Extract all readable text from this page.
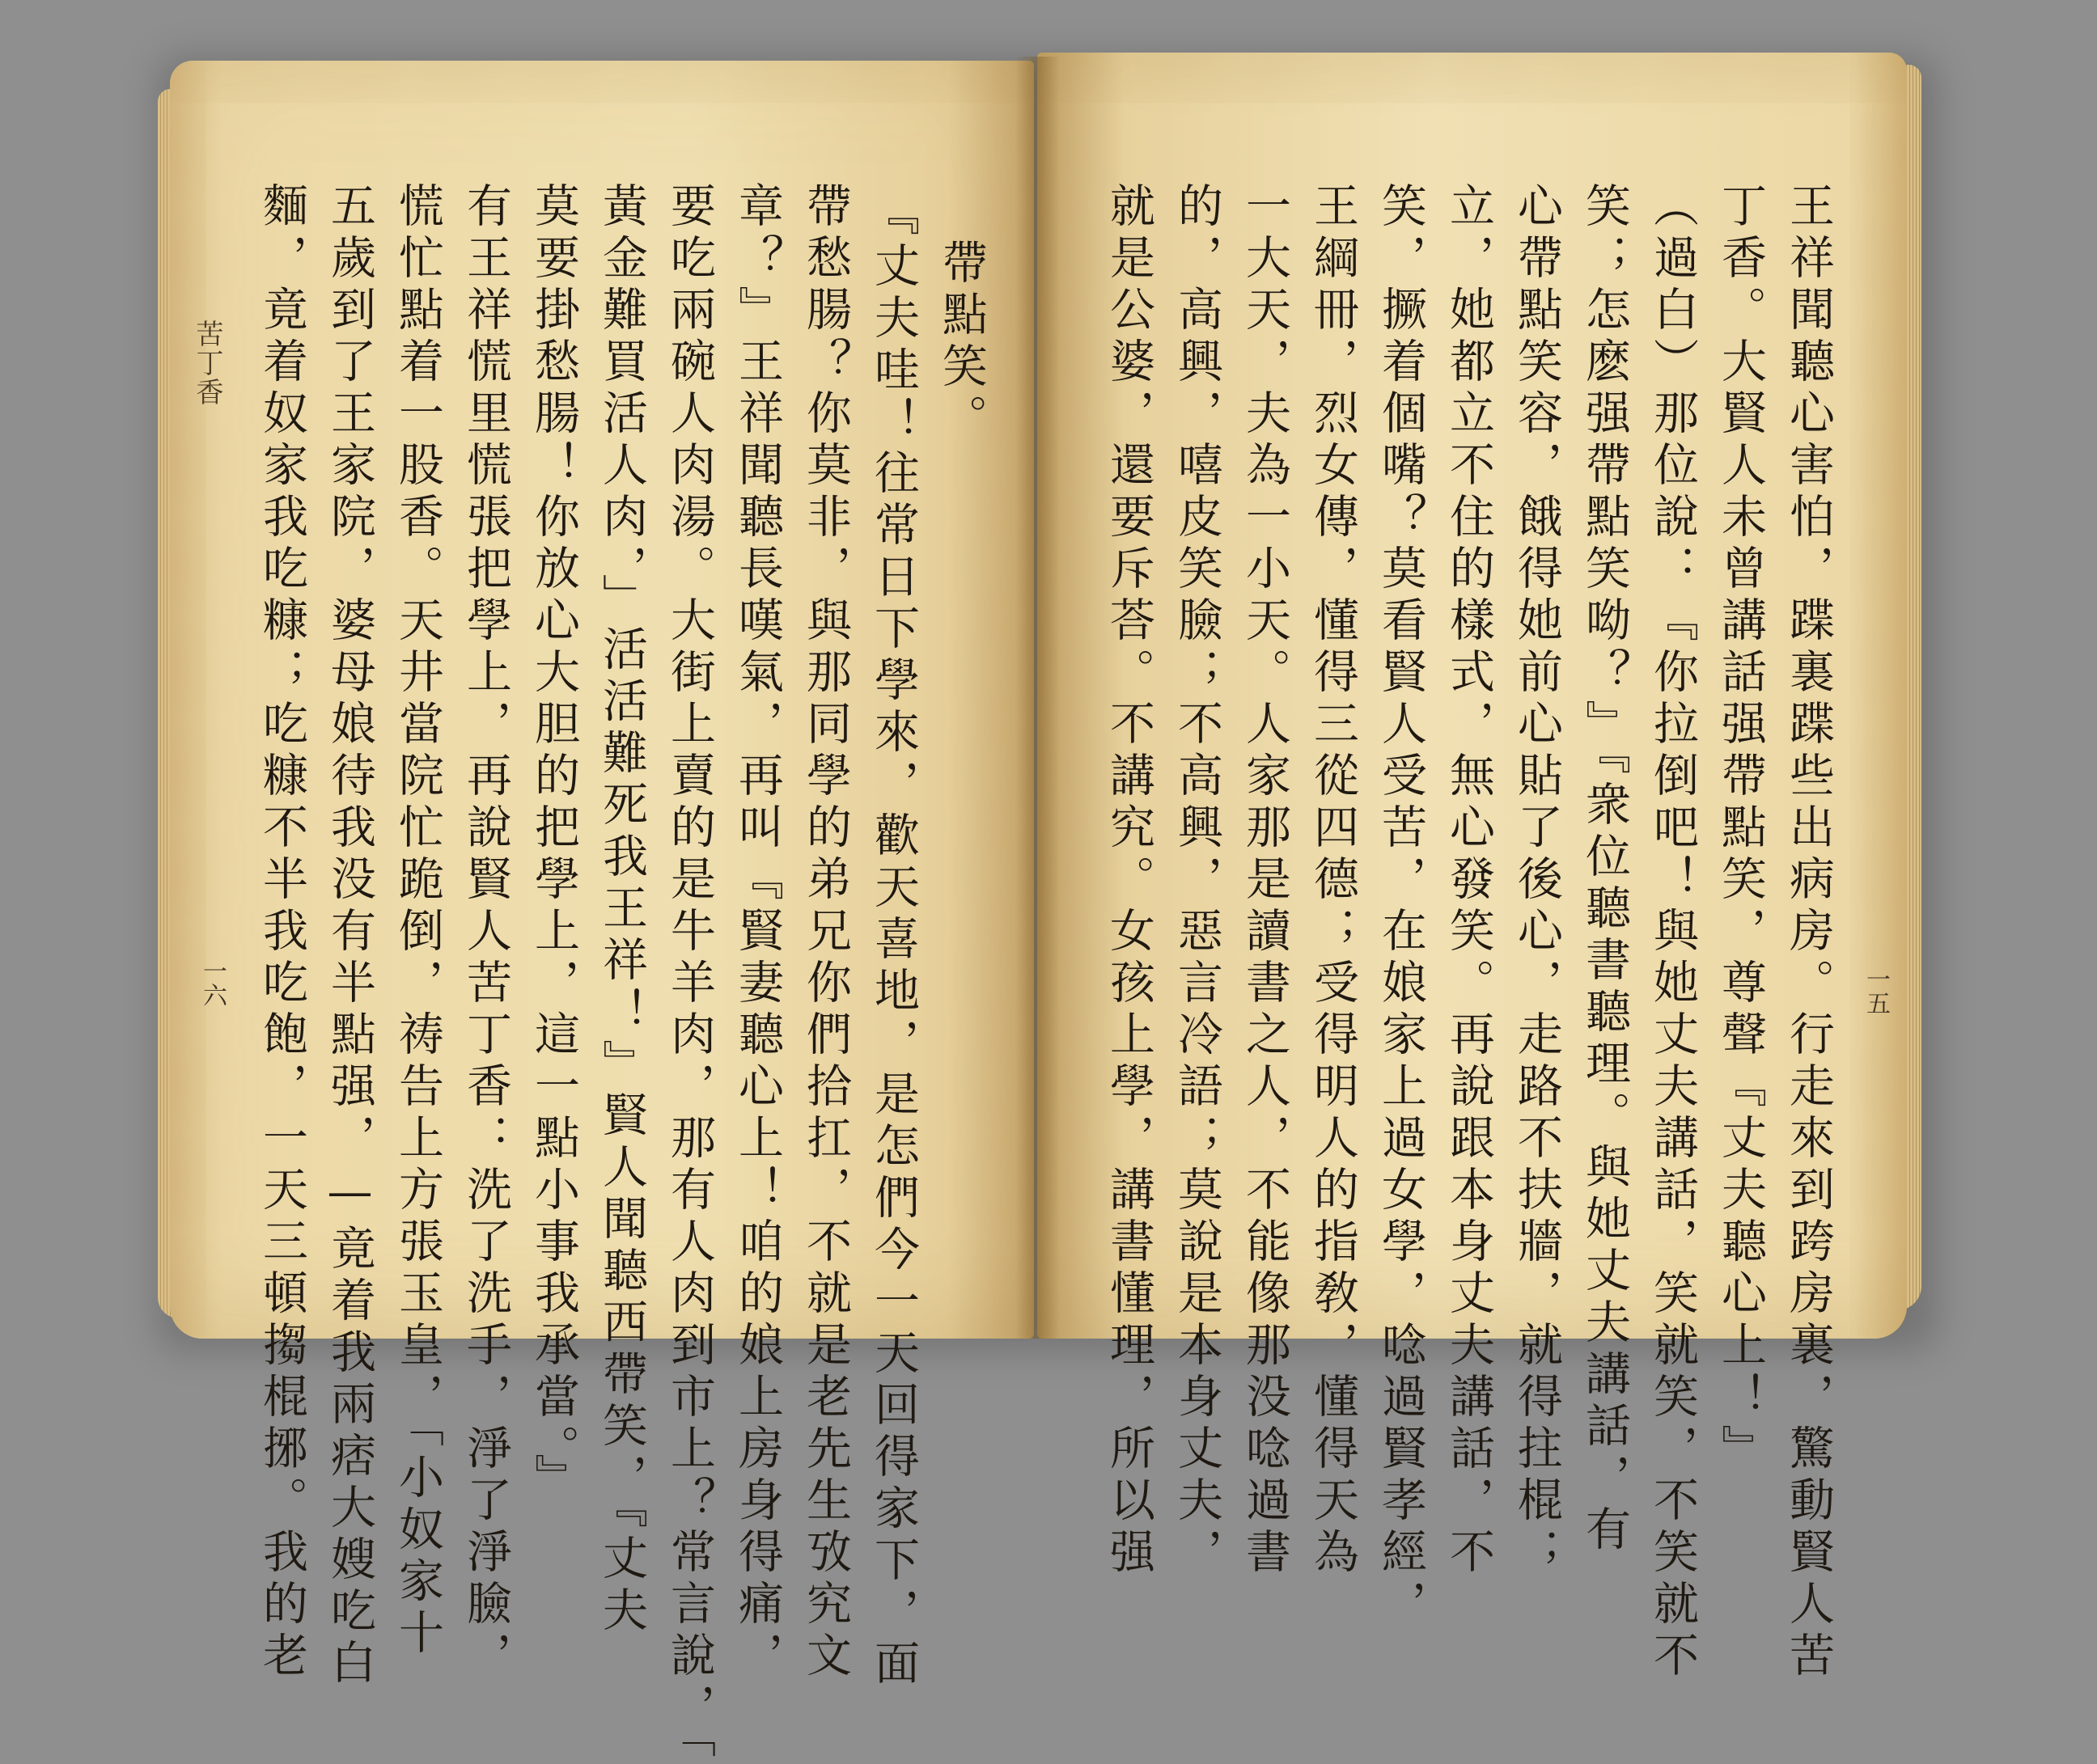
帶點笑。
『丈夫哇！往常日下學來，歡天喜地，是怎們今一天回得家下，面
帶愁腸？你莫非，與那同學的弟兄你們拾扛，不就是老先生攷究文
章？』王祥聞聽長嘆氣，再叫『賢妻聽心上！咱的娘上房身得痛，
要吃兩碗人肉湯。大街上賣的是牛羊肉，那有人肉到市上？常言說，「
黃金難買活人肉，」活活難死我王祥！』賢人聞聽西帶笑，『丈夫
莫要掛愁腸！你放心大胆的把學上，這一點小事我承當。』
有王祥慌里慌張把學上，再說賢人苦丁香：洗了洗手，淨了淨臉，
慌忙點着一股香。天井當院忙跪倒，祷告上方張玉皇，「小奴家十
五歲到了王家院，婆母娘待我没有半點强，—竟着我兩痞大嫂吃白
麵，竟着奴家我吃糠；吃糠不半我吃飽，一天三頓搊棍捓。我的老
苦丁香
一六	王祥聞聽心害怕，蹀裏蹀些出病房。行走來到跨房裏，驚動賢人苦
丁香。大賢人未曾講話强帶點笑，尊聲『丈夫聽心上！』
（過白）那位說：『你拉倒吧！與她丈夫講話，笑就笑，不笑就不
笑；怎麽强帶點笑呦？』『衆位聽書聽理。與她丈夫講話，有
心帶點笑容，餓得她前心貼了後心，走路不扶牆，就得拄棍；
立，她都立不住的樣式，無心發笑。再說跟本身丈夫講話，不
笑，撅着個嘴？莫看賢人受苦，在娘家上過女學，唸過賢孝經，
王綱冊，烈女傳，懂得三從四德；受得明人的指敎，懂得天為
一大天，夫為一小天。人家那是讀書之人，不能像那没唸過書
的，高興，嘻皮笑臉；不高興，惡言冷語；莫說是本身丈夫，
就是公婆，還要斥荅。不講究。女孩上學，講書懂理，所以强	一五
